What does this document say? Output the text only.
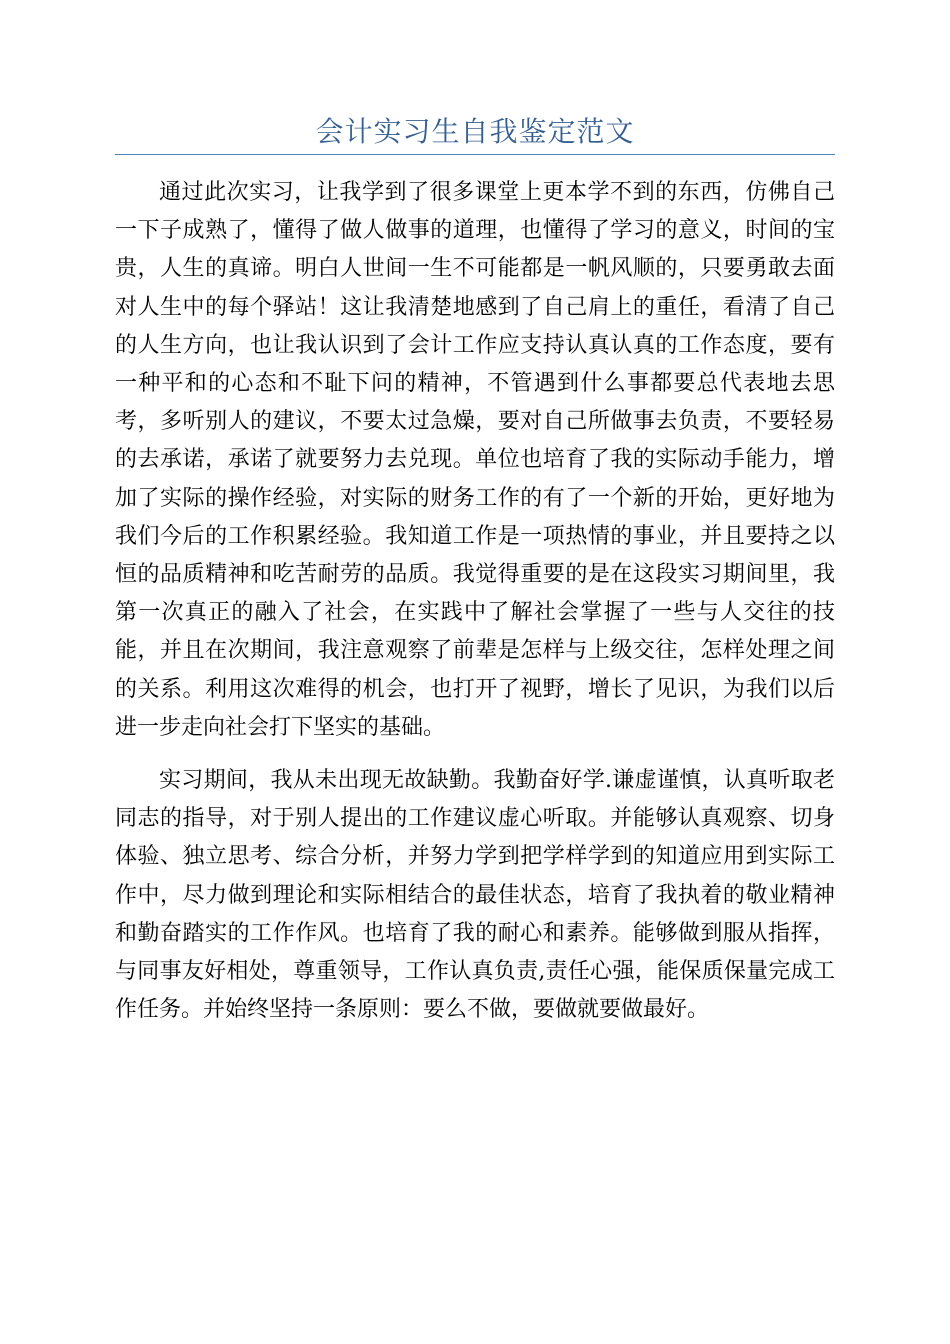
会计实习生自我鉴定范文

通过此次实习，让我学到了很多课堂上更本学不到的东西，仿佛自己一下子成熟了，懂得了做人做事的道理，也懂得了学习的意义，时间的宝贵，人生的真谛。明白人世间一生不可能都是一帆风顺的，只要勇敢去面对人生中的每个驿站！这让我清楚地感到了自己肩上的重任，看清了自己的人生方向，也让我认识到了会计工作应支持认真认真的工作态度，要有一种平和的心态和不耻下问的精神，不管遇到什么事都要总代表地去思考，多听别人的建议，不要太过急燥，要对自己所做事去负责，不要轻易的去承诺，承诺了就要努力去兑现。单位也培育了我的实际动手能力，增加了实际的操作经验，对实际的财务工作的有了一个新的开始，更好地为我们今后的工作积累经验。我知道工作是一项热情的事业，并且要持之以恒的品质精神和吃苦耐劳的品质。我觉得重要的是在这段实习期间里，我第一次真正的融入了社会，在实践中了解社会掌握了一些与人交往的技能，并且在次期间，我注意观察了前辈是怎样与上级交往，怎样处理之间的关系。利用这次难得的机会，也打开了视野，增长了见识，为我们以后进一步走向社会打下坚实的基础。

实习期间，我从未出现无故缺勤。我勤奋好学.谦虚谨慎，认真听取老同志的指导，对于别人提出的工作建议虚心听取。并能够认真观察、切身体验、独立思考、综合分析，并努力学到把学样学到的知道应用到实际工作中，尽力做到理论和实际相结合的最佳状态，培育了我执着的敬业精神和勤奋踏实的工作作风。也培育了我的耐心和素养。能够做到服从指挥，与同事友好相处，尊重领导，工作认真负责,责任心强，能保质保量完成工作任务。并始终坚持一条原则：要么不做，要做就要做最好。
